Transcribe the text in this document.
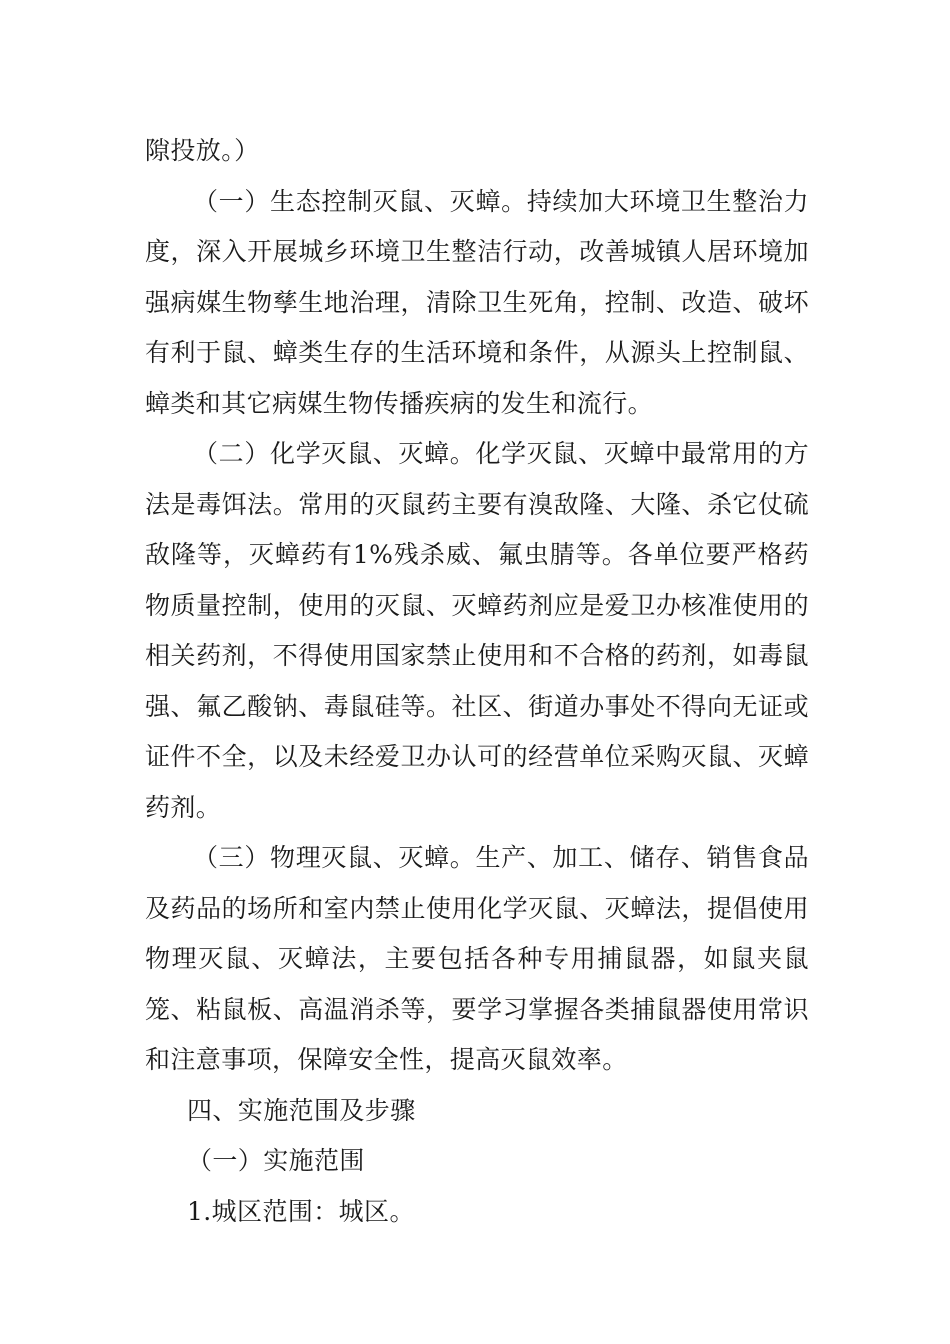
隙投放。）

（一）生态控制灭鼠、灭蟑。持续加大环境卫生整治力度，深入开展城乡环境卫生整洁行动，改善城镇人居环境加强病媒生物孳生地治理，清除卫生死角，控制、改造、破坏有利于鼠、蟑类生存的生活环境和条件，从源头上控制鼠、蟑类和其它病媒生物传播疾病的发生和流行。

（二）化学灭鼠、灭蟑。化学灭鼠、灭蟑中最常用的方法是毒饵法。常用的灭鼠药主要有溴敌隆、大隆、杀它仗硫敌隆等，灭蟑药有1%残杀威、氟虫腈等。各单位要严格药物质量控制，使用的灭鼠、灭蟑药剂应是爱卫办核准使用的相关药剂，不得使用国家禁止使用和不合格的药剂，如毒鼠强、氟乙酸钠、毒鼠硅等。社区、街道办事处不得向无证或证件不全，以及未经爱卫办认可的经营单位采购灭鼠、灭蟑药剂。

（三）物理灭鼠、灭蟑。生产、加工、储存、销售食品及药品的场所和室内禁止使用化学灭鼠、灭蟑法，提倡使用物理灭鼠、灭蟑法，主要包括各种专用捕鼠器，如鼠夹鼠笼、粘鼠板、高温消杀等，要学习掌握各类捕鼠器使用常识和注意事项，保障安全性，提高灭鼠效率。

四、实施范围及步骤

（一）实施范围

1.城区范围：城区。
